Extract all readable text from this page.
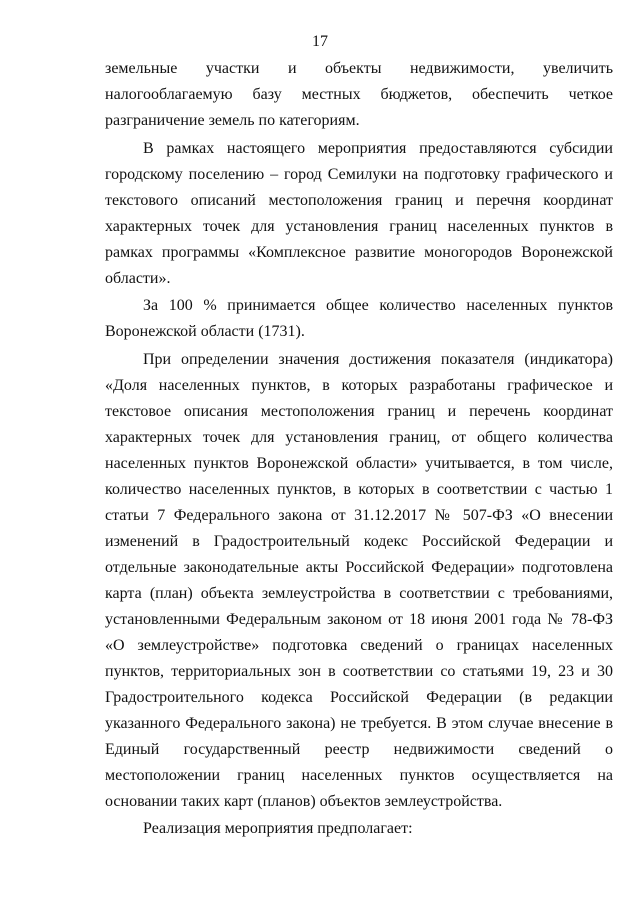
17

земельные участки и объекты недвижимости, увеличить налогооблагаемую базу местных бюджетов, обеспечить четкое разграничение земель по категориям.

В рамках настоящего мероприятия предоставляются субсидии городскому поселению – город Семилуки на подготовку графического и текстового описаний местоположения границ и перечня координат характерных точек для установления границ населенных пунктов в рамках программы «Комплексное развитие моногородов Воронежской области».

За 100 % принимается общее количество населенных пунктов Воронежской области (1731).

При определении значения достижения показателя (индикатора) «Доля населенных пунктов, в которых разработаны графическое и текстовое описания местоположения границ и перечень координат характерных точек для установления границ, от общего количества населенных пунктов Воронежской области» учитывается, в том числе, количество населенных пунктов, в которых в соответствии с частью 1 статьи 7 Федерального закона от 31.12.2017 № 507-ФЗ «О внесении изменений в Градостроительный кодекс Российской Федерации и отдельные законодательные акты Российской Федерации» подготовлена карта (план) объекта землеустройства в соответствии с требованиями, установленными Федеральным законом от 18 июня 2001 года № 78-ФЗ «О землеустройстве» подготовка сведений о границах населенных пунктов, территориальных зон в соответствии со статьями 19, 23 и 30 Градостроительного кодекса Российской Федерации (в редакции указанного Федерального закона) не требуется. В этом случае внесение в Единый государственный реестр недвижимости сведений о местоположении границ населенных пунктов осуществляется на основании таких карт (планов) объектов землеустройства.

Реализация мероприятия предполагает:
